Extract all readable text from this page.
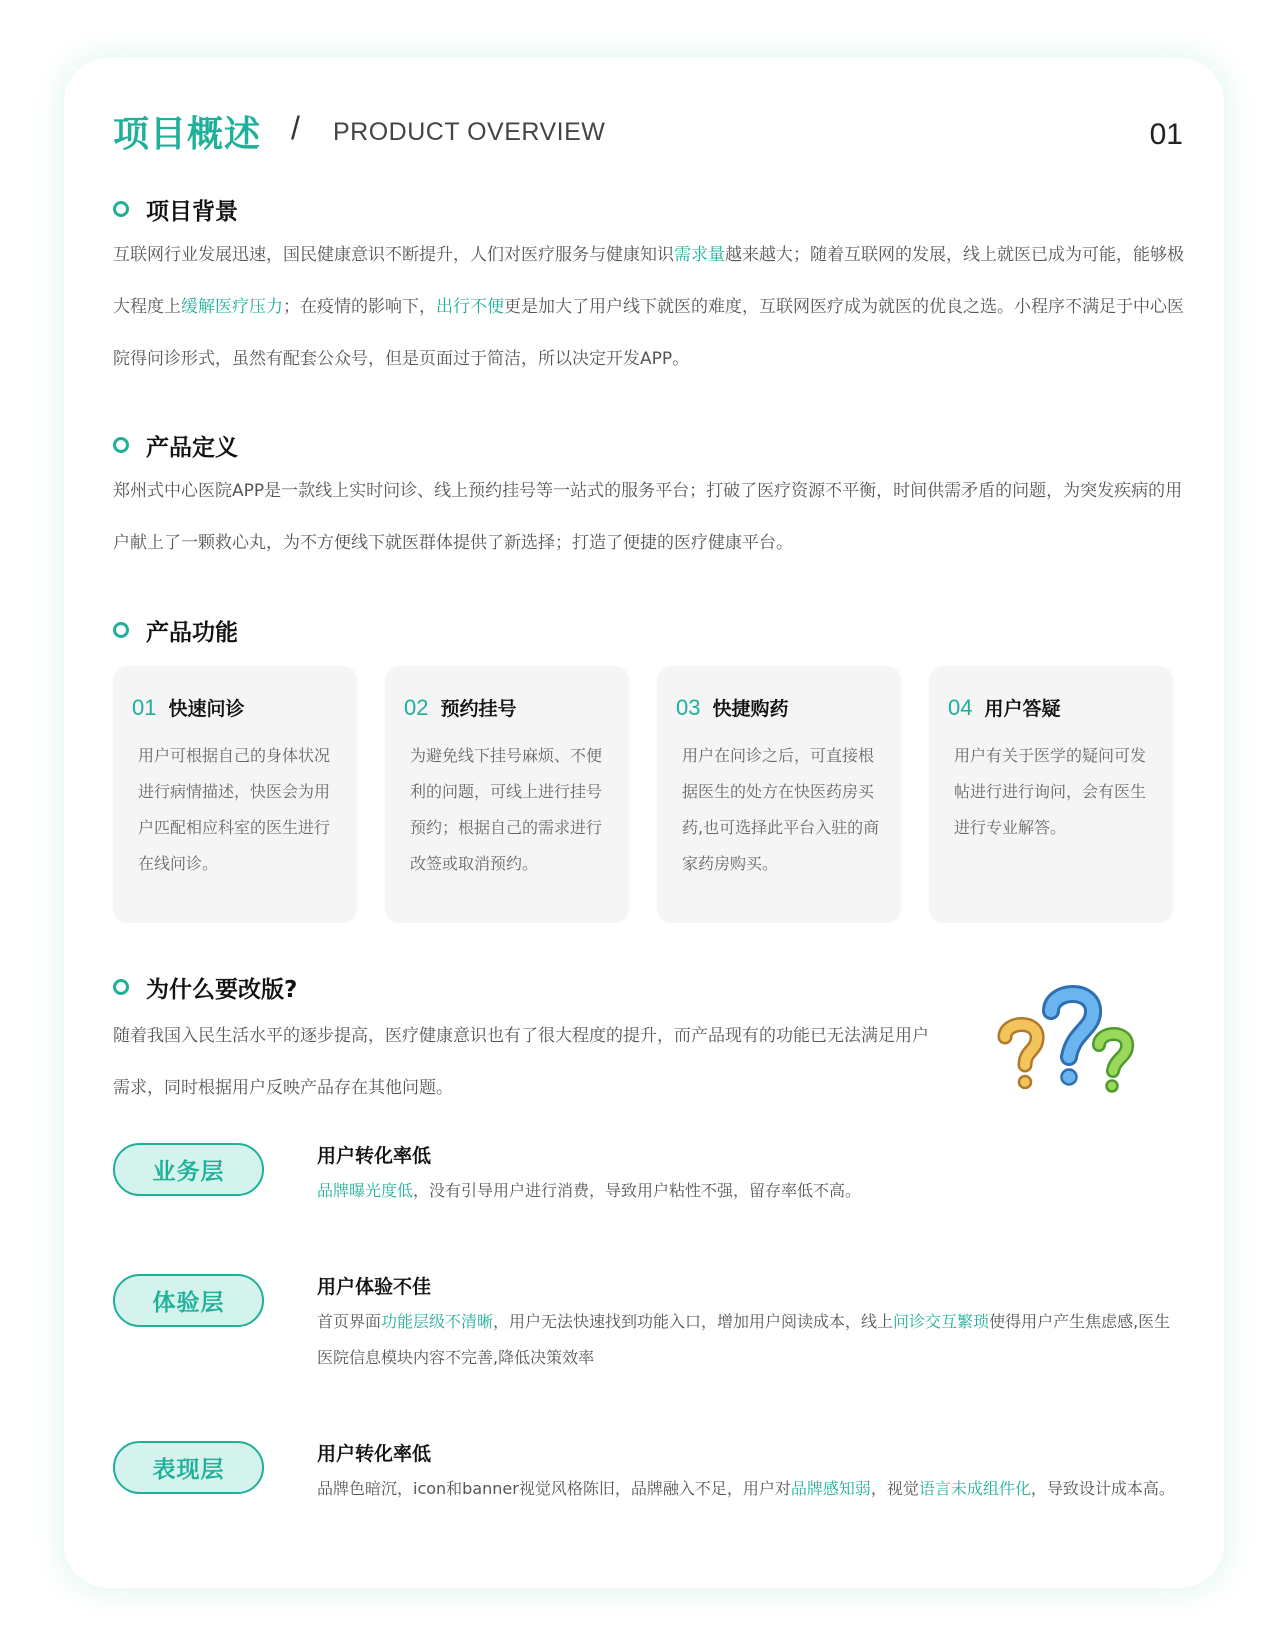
项目概述 / PRODUCT OVERVIEW	01
项目背景

互联网行业发展迅速，国民健康意识不断提升，人们对医疗服务与健康知识需求量越来越大；随着互联网的发展，线上就医已成为可能，能够极大程度上缓解医疗压力；在疫情的影响下，出行不便更是加大了用户线下就医的难度，互联网医疗成为就医的优良之选。小程序不满足于中心医院得问诊形式，虽然有配套公众号，但是页面过于简洁，所以决定开发APP。

产品定义

郑州式中心医院APP是一款线上实时问诊、线上预约挂号等一站式的服务平台；打破了医疗资源不平衡，时间供需矛盾的问题，为突发疾病的用户献上了一颗救心丸，为不方便线下就医群体提供了新选择；打造了便捷的医疗健康平台。

产品功能
01 快速问诊
用户可根据自己的身体状况进行病情描述，快医会为用户匹配相应科室的医生进行在线问诊。
02 预约挂号
为避免线下挂号麻烦、不便利的问题，可线上进行挂号预约；根据自己的需求进行改签或取消预约。
03 快捷购药
用户在问诊之后，可直接根据医生的处方在快医药房买药,也可选择此平台入驻的商家药房购买。
04 用户答疑
用户有关于医学的疑问可发帖进行进行询问，会有医生进行专业解答。
为什么要改版?

随着我国入民生活水平的逐步提高，医疗健康意识也有了很大程度的提升，而产品现有的功能已无法满足用户需求，同时根据用户反映产品存在其他问题。

业务层
用户转化率低

品牌曝光度低，没有引导用户进行消费，导致用户粘性不强，留存率低不高。

体验层
用户体验不佳

首页界面功能层级不清晰，用户无法快速找到功能入口，增加用户阅读成本，线上问诊交互繁琐使得用户产生焦虑感,医生医院信息模块内容不完善,降低决策效率

表现层
用户转化率低

品牌色暗沉，icon和banner视觉风格陈旧，品牌融入不足，用户对品牌感知弱，视觉语言未成组件化，导致设计成本高。
